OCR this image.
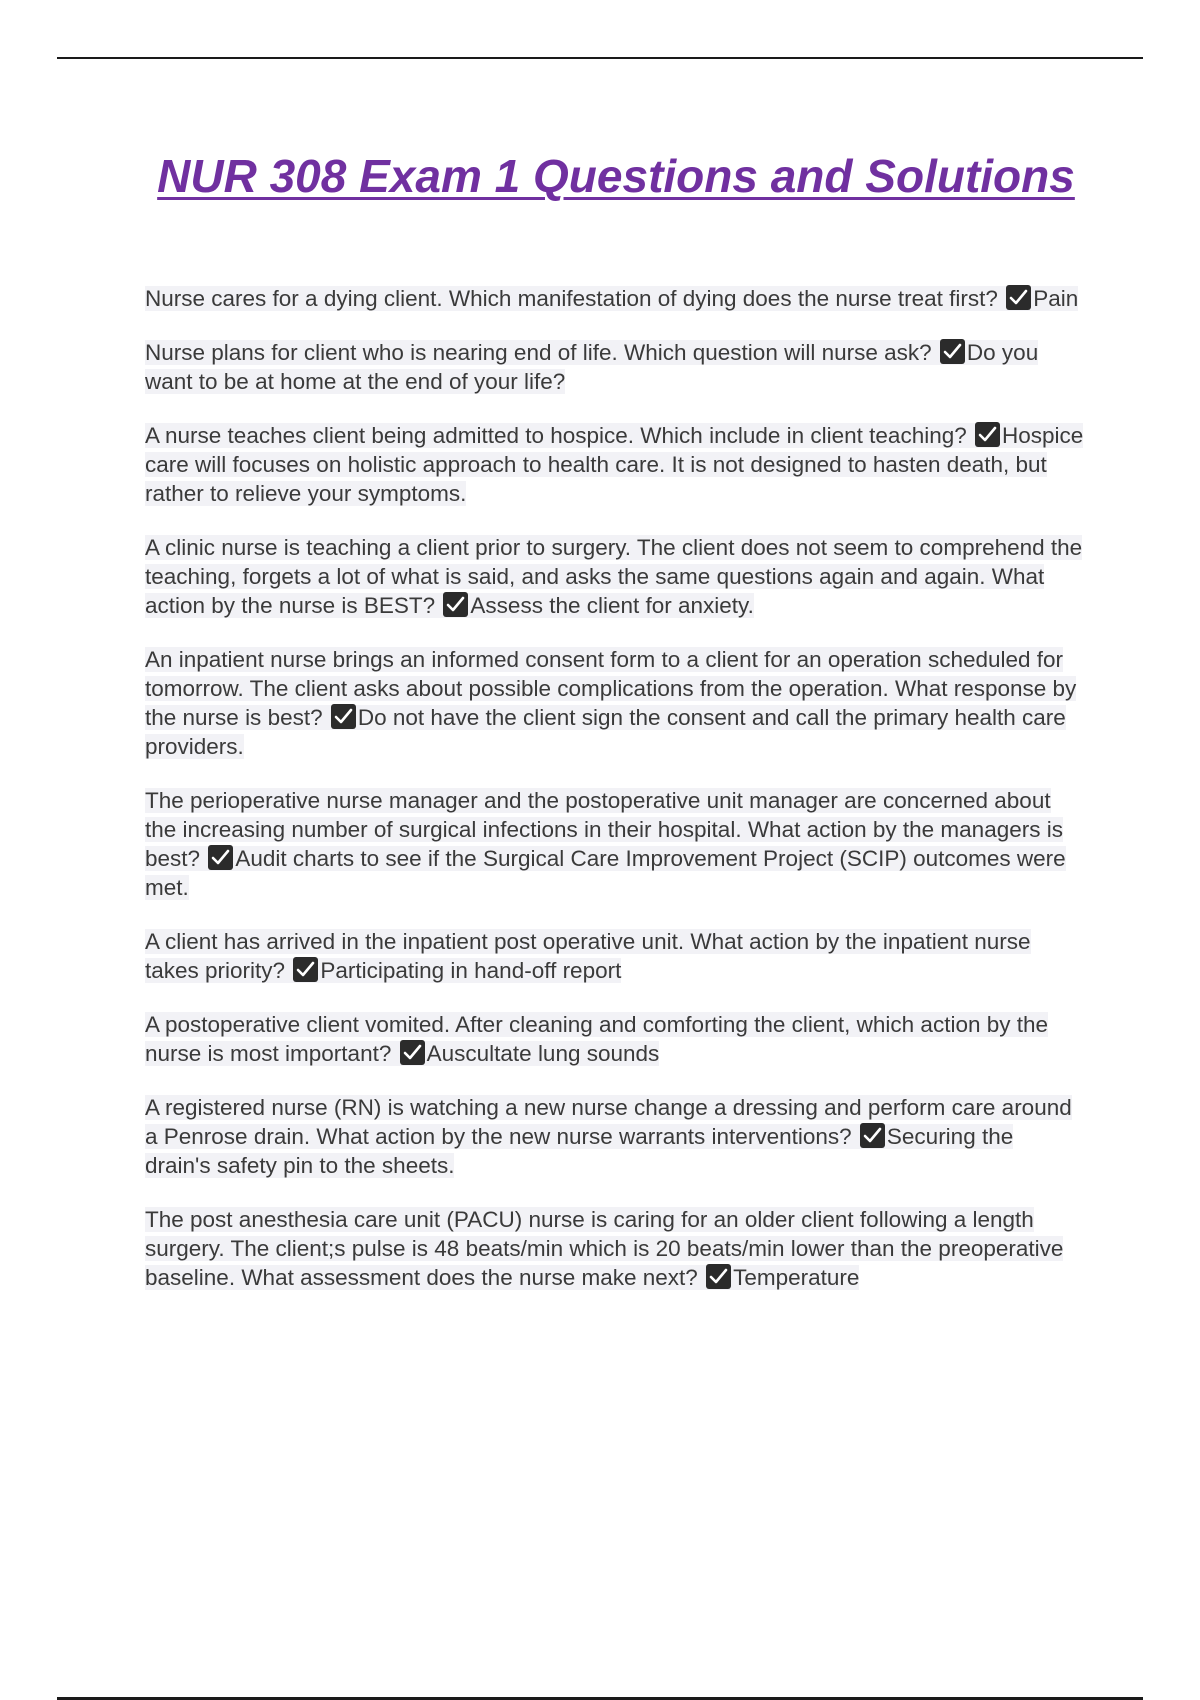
NUR 308 Exam 1 Questions and Solutions

Nurse cares for a dying client. Which manifestation of dying does the nurse treat first? Pain

Nurse plans for client who is nearing end of life. Which question will nurse ask? Do you want to be at home at the end of your life?

A nurse teaches client being admitted to hospice. Which include in client teaching? Hospice care will focuses on holistic approach to health care. It is not designed to hasten death, but rather to relieve your symptoms.

A clinic nurse is teaching a client prior to surgery. The client does not seem to comprehend the teaching, forgets a lot of what is said, and asks the same questions again and again. What action by the nurse is BEST? Assess the client for anxiety.

An inpatient nurse brings an informed consent form to a client for an operation scheduled for tomorrow. The client asks about possible complications from the operation. What response by the nurse is best? Do not have the client sign the consent and call the primary health care providers.

The perioperative nurse manager and the postoperative unit manager are concerned about the increasing number of surgical infections in their hospital. What action by the managers is best? Audit charts to see if the Surgical Care Improvement Project (SCIP) outcomes were met.

A client has arrived in the inpatient post operative unit. What action by the inpatient nurse takes priority? Participating in hand-off report

A postoperative client vomited. After cleaning and comforting the client, which action by the nurse is most important? Auscultate lung sounds

A registered nurse (RN) is watching a new nurse change a dressing and perform care around a Penrose drain. What action by the new nurse warrants interventions? Securing the drain's safety pin to the sheets.

The post anesthesia care unit (PACU) nurse is caring for an older client following a length surgery. The client;s pulse is 48 beats/min which is 20 beats/min lower than the preoperative baseline. What assessment does the nurse make next? Temperature
